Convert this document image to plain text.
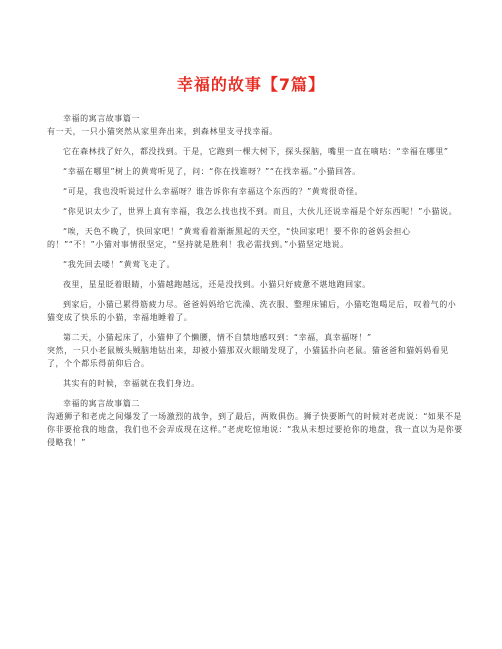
幸福的故事【7篇】

幸福的寓言故事篇一

有一天，一只小猫突然从家里奔出来，到森林里支寻找幸福。

它在森林找了好久，都没找到。于是，它跑到一棵大树下，探头探脑，嘴里一直在嘀咕：“幸福在哪里”

“幸福在哪里”树上的黄莺听见了，问：“你在找谁呀？”“在找幸福。”小猫回答。

“可是，我也没听说过什么幸福呀？谁告诉你有幸福这个东西的？”黄莺很奇怪。

“你见识太少了，世界上真有幸福，我怎么找也找不到。而且，大伙儿还说幸福是个好东西呢！”小猫说。

“唉，天色不晚了，快回家吧！”黄莺看着渐渐黑起的天空，“快回家吧！要不你的爸妈会担心的！”“不！”小猫对事情很坚定，“坚持就是胜利！我必需找到。”小猫坚定地说。

“我先回去喽！”黄莺飞走了。

夜里，星星眨着眼睛，小猫越跑越远，还是没找到。小猫只好疲惫不堪地跑回家。

到家后，小猫已累得筋疲力尽。爸爸妈妈给它洗澡、洗衣服、整理床铺后，小猫吃饱喝足后，叹着气的小猫变成了快乐的小猫，幸福地睡着了。

第二天，小猫起床了，小猫伸了个懒腰，情不自禁地感叹到：“幸福，真幸福呀！”

突然，一只小老鼠贼头贼脑地钻出来，却被小猫那双火眼睛发现了，小猫猛扑向老鼠。猫爸爸和猫妈妈看见了，个个都乐得前仰后合。

其实有的时候，幸福就在我们身边。

幸福的寓言故事篇二

沟通狮子和老虎之间爆发了一场激烈的战争，到了最后，两败俱伤。狮子快要断气的时候对老虎说：“如果不是你非要抢我的地盘，我们也不会弄成现在这样。”老虎吃惊地说：“我从未想过要抢你的地盘，我一直以为是你要侵略我！”
